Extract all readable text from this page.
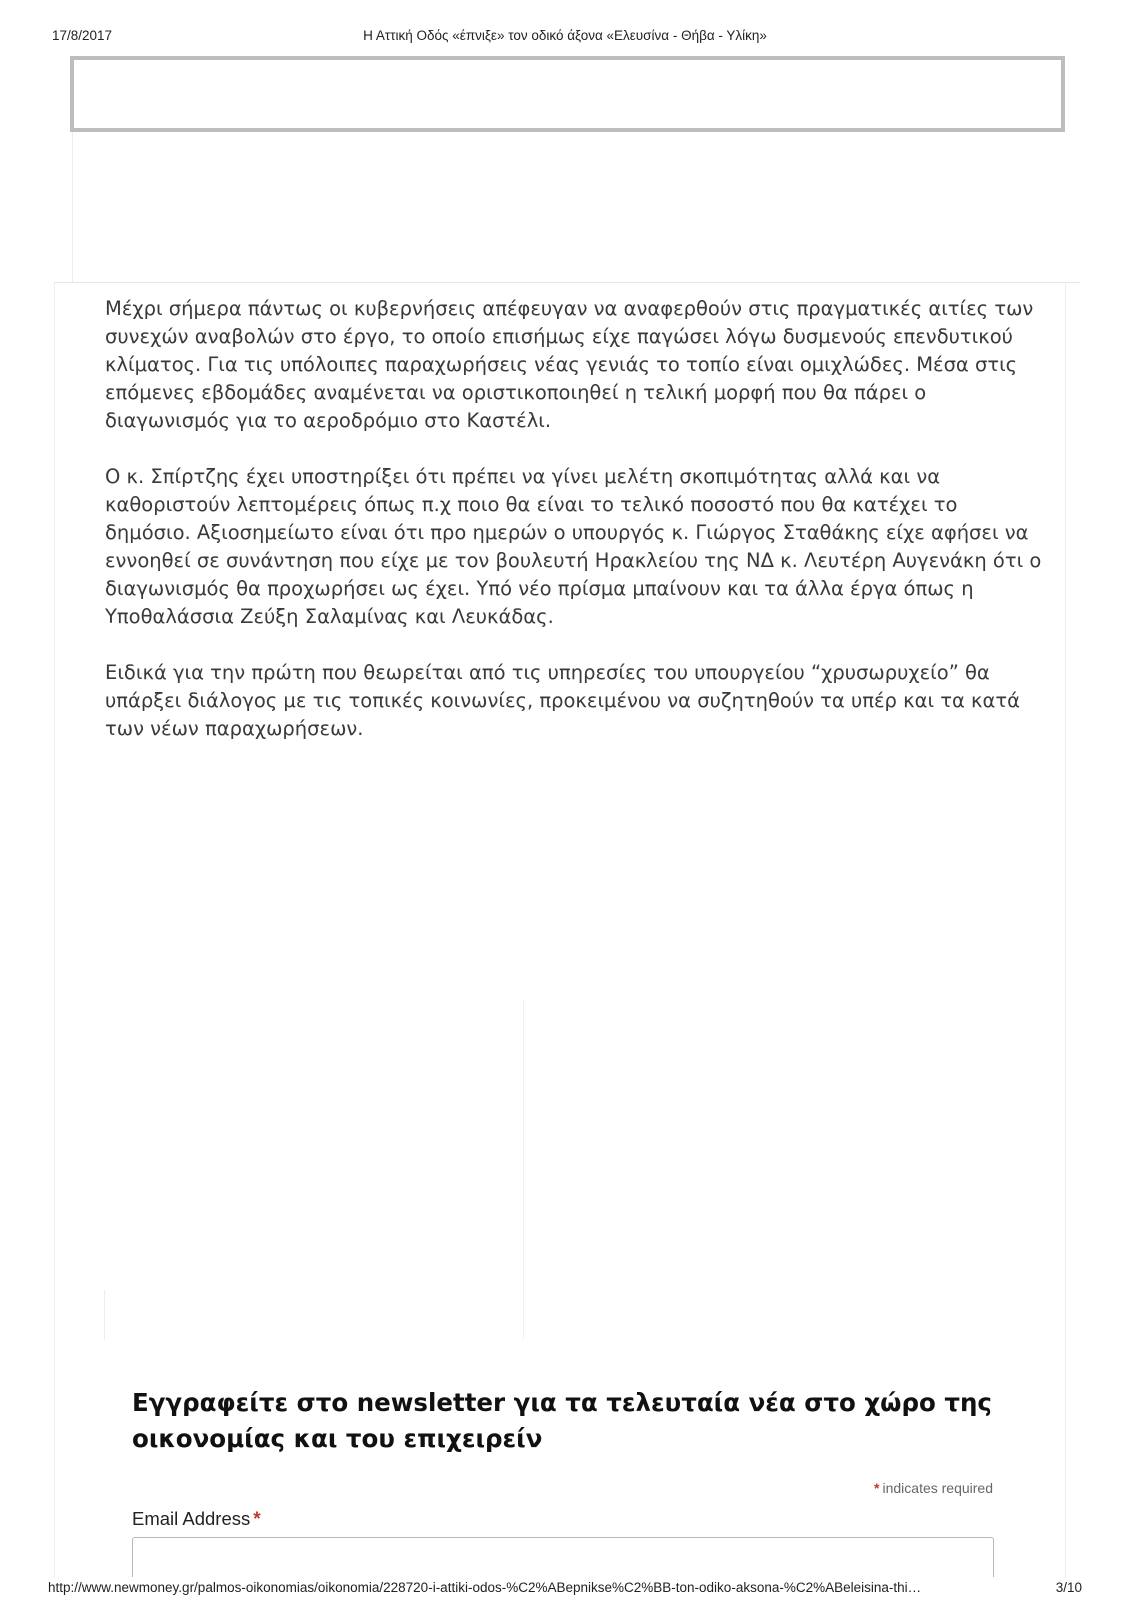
17/8/2017	Η Αττική Οδός «έπνιξε» τον οδικό άξονα «Ελευσίνα - Θήβα - Υλίκη»

Μέχρι σήμερα πάντως οι κυβερνήσεις απέφευγαν να αναφερθούν στις πραγματικές αιτίες των συνεχών αναβολών στο έργο, το οποίο επισήμως είχε παγώσει λόγω δυσμενούς επενδυτικού κλίματος. Για τις υπόλοιπες παραχωρήσεις νέας γενιάς το τοπίο είναι ομιχλώδες. Μέσα στις επόμενες εβδομάδες αναμένεται να οριστικοποιηθεί η τελική μορφή που θα πάρει ο διαγωνισμός για το αεροδρόμιο στο Καστέλι.

Ο κ. Σπίρτζης έχει υποστηρίξει ότι πρέπει να γίνει μελέτη σκοπιμότητας αλλά και να καθοριστούν λεπτομέρεις όπως π.χ ποιο θα είναι το τελικό ποσοστό που θα κατέχει το δημόσιο. Αξιοσημείωτο είναι ότι προ ημερών ο υπουργός κ. Γιώργος Σταθάκης είχε αφήσει να εννοηθεί σε συνάντηση που είχε με τον βουλευτή Ηρακλείου της ΝΔ κ. Λευτέρη Αυγενάκη ότι ο διαγωνισμός θα προχωρήσει ως έχει. Υπό νέο πρίσμα μπαίνουν και τα άλλα έργα όπως η Υποθαλάσσια Ζεύξη Σαλαμίνας και Λευκάδας.

Ειδικά για την πρώτη που θεωρείται από τις υπηρεσίες του υπουργείου “χρυσωρυχείο” θα υπάρξει διάλογος με τις τοπικές κοινωνίες, προκειμένου να συζητηθούν τα υπέρ και τα κατά των νέων παραχωρήσεων.

Εγγραφείτε στο newsletter για τα τελευταία νέα στο χώρο της οικονομίας και του επιχειρείν
* indicates required
Email Address *
http://www.newmoney.gr/palmos-oikonomias/oikonomia/228720-i-attiki-odos-%C2%ABepnikse%C2%BB-ton-odiko-aksona-%C2%ABeleisina-thi…	3/10
